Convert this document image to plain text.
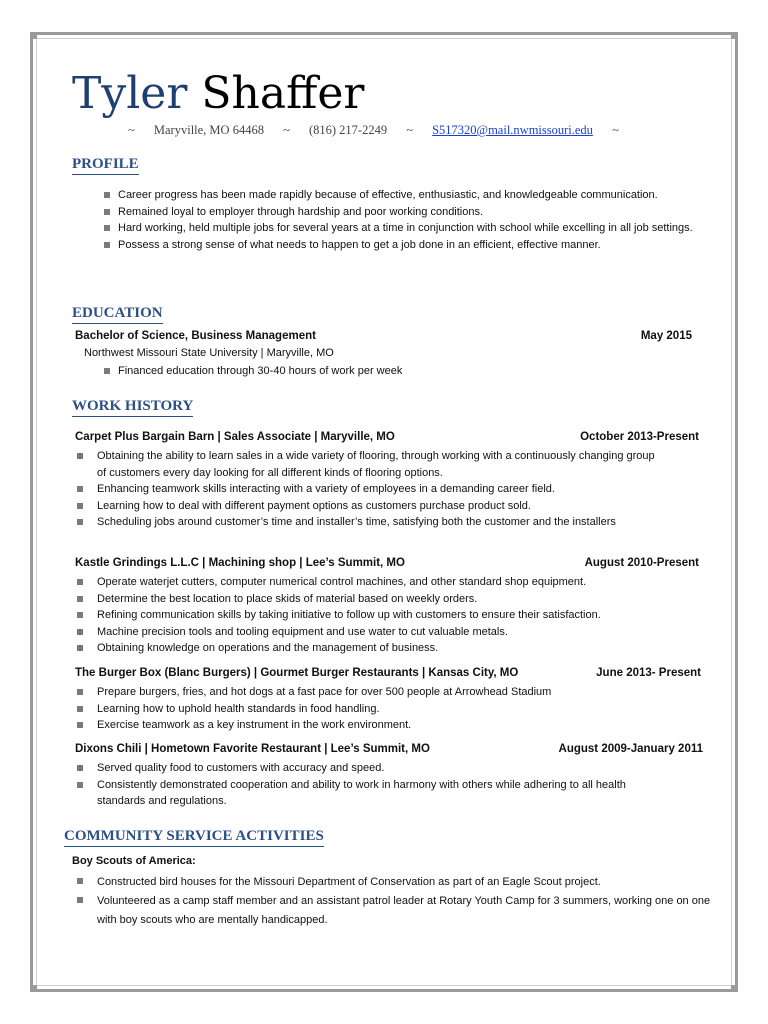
Tyler Shaffer
~ Maryville, MO 64468 ~ (816) 217-2249 ~ S517320@mail.nwmissouri.edu ~
PROFILE
Career progress has been made rapidly because of effective, enthusiastic, and knowledgeable communication.
Remained loyal to employer through hardship and poor working conditions.
Hard working, held multiple jobs for several years at a time in conjunction with school while excelling in all job settings.
Possess a strong sense of what needs to happen to get a job done in an efficient, effective manner.
EDUCATION
Bachelor of Science, Business Management	May 2015
Northwest Missouri State University | Maryville, MO
Financed education through 30-40 hours of work per week
WORK HISTORY
Carpet Plus Bargain Barn | Sales Associate | Maryville, MO	October 2013-Present
Obtaining the ability to learn sales in a wide variety of flooring, through working with a continuously changing group of customers every day looking for all different kinds of flooring options.
Enhancing teamwork skills interacting with a variety of employees in a demanding career field.
Learning how to deal with different payment options as customers purchase product sold.
Scheduling jobs around customer’s time and installer’s time, satisfying both the customer and the installers
Kastle Grindings L.L.C | Machining shop | Lee’s Summit, MO	August 2010-Present
Operate waterjet cutters, computer numerical control machines, and other standard shop equipment.
Determine the best location to place skids of material based on weekly orders.
Refining communication skills by taking initiative to follow up with customers to ensure their satisfaction.
Machine precision tools and tooling equipment and use water to cut valuable metals.
Obtaining knowledge on operations and the management of business.
The Burger Box (Blanc Burgers) | Gourmet Burger Restaurants | Kansas City, MO	June 2013- Present
Prepare burgers, fries, and hot dogs at a fast pace for over 500 people at Arrowhead Stadium
Learning how to uphold health standards in food handling.
Exercise teamwork as a key instrument in the work environment.
Dixons Chili | Hometown Favorite Restaurant | Lee’s Summit, MO	August 2009-January 2011
Served quality food to customers with accuracy and speed.
Consistently demonstrated cooperation and ability to work in harmony with others while adhering to all health standards and regulations.
COMMUNITY SERVICE ACTIVITIES
Boy Scouts of America:
Constructed bird houses for the Missouri Department of Conservation as part of an Eagle Scout project.
Volunteered as a camp staff member and an assistant patrol leader at Rotary Youth Camp for 3 summers, working one on one with boy scouts who are mentally handicapped.
